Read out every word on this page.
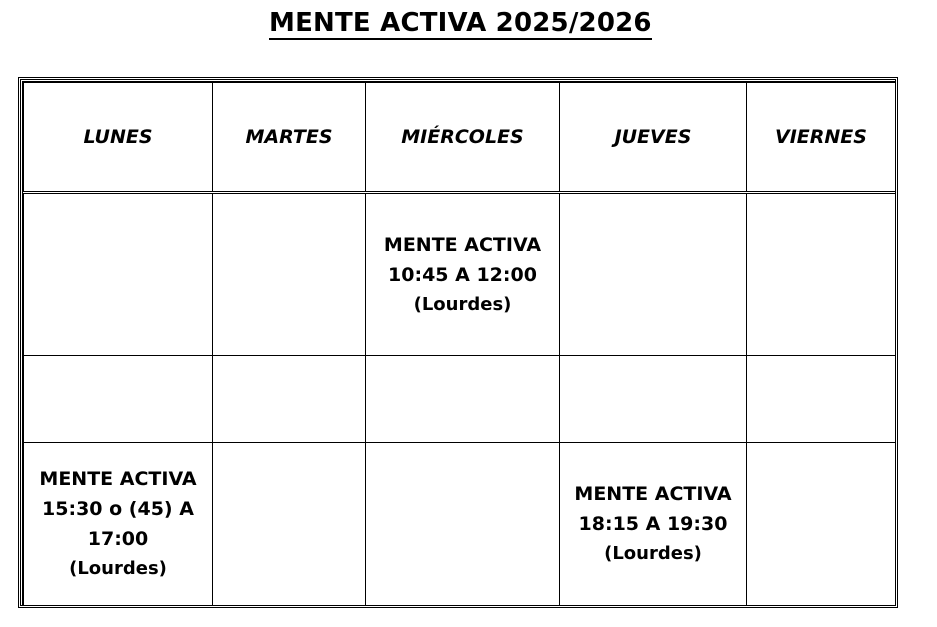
MENTE ACTIVA 2025/2026
LUNES	MARTES	MIÉRCOLES	JUEVES	VIERNES

		MENTE ACTIVA
10:45 A 12:00
(Lourdes)		

MENTE ACTIVA
15:30 o (45) A
17:00
(Lourdes)			MENTE ACTIVA
18:15 A 19:30
(Lourdes)	
